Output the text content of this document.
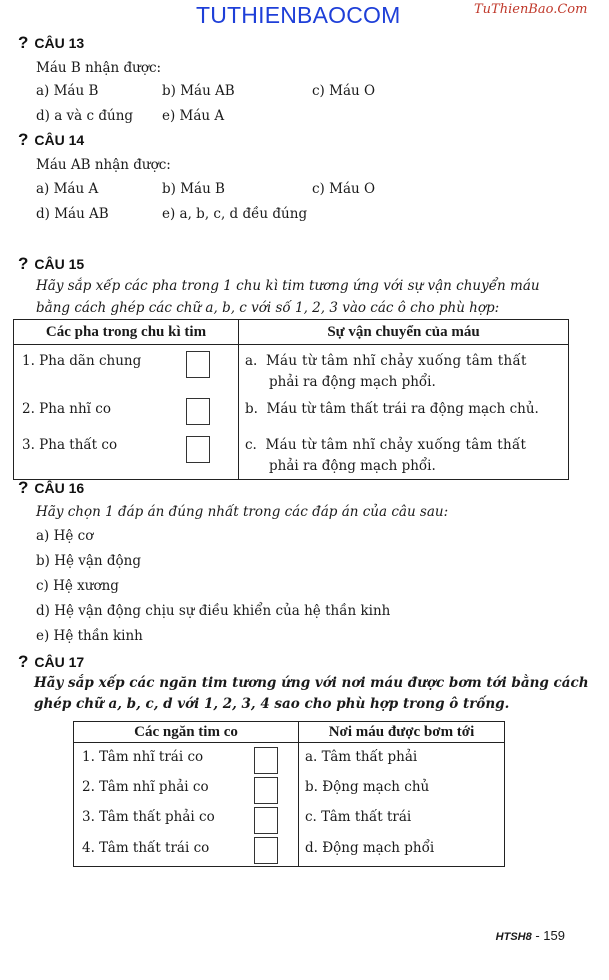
TUTHIENBAOCOM	TuThienBao.Com
? CÂU 13
Máu B nhận được:
a) Máu B	b) Máu AB	c) Máu O
d) a và c đúng e) Máu A
? CÂU 14
Máu AB nhận được:
a) Máu A	b) Máu B	c) Máu O
d) Máu AB	e) a, b, c, d đều đúng
? CÂU 15
Hãy sắp xếp các pha trong 1 chu kì tim tương ứng với sự vận chuyển máu
bằng cách ghép các chữ a, b, c với số 1, 2, 3 vào các ô cho phù hợp:
Các pha trong chu kì tim	Sự vận chuyển của máu

1. Pha dãn chung	a. Máu từ tâm nhĩ chảy xuống tâm thất
phải ra động mạch phổi.

2. Pha nhĩ co	b. Máu từ tâm thất trái ra động mạch chủ.

3. Pha thất co	c. Máu từ tâm nhĩ chảy xuống tâm thất
phải ra động mạch phổi.
? CÂU 16
Hãy chọn 1 đáp án đúng nhất trong các đáp án của câu sau:
a) Hệ cơ
b) Hệ vận động
c) Hệ xương
d) Hệ vận động chịu sự điều khiển của hệ thần kinh
e) Hệ thần kinh
? CÂU 17
Hãy sắp xếp các ngăn tim tương ứng với nơi máu được bơm tới bằng cách
ghép chữ a, b, c, d với 1, 2, 3, 4 sao cho phù hợp trong ô trống.
Các ngăn tim co	Nơi máu được bơm tới

1. Tâm nhĩ trái co	a. Tâm thất phải

2. Tâm nhĩ phải co	b. Động mạch chủ

3. Tâm thất phải co	c. Tâm thất trái

4. Tâm thất trái co	d. Động mạch phổi
HTSH8 - 159
